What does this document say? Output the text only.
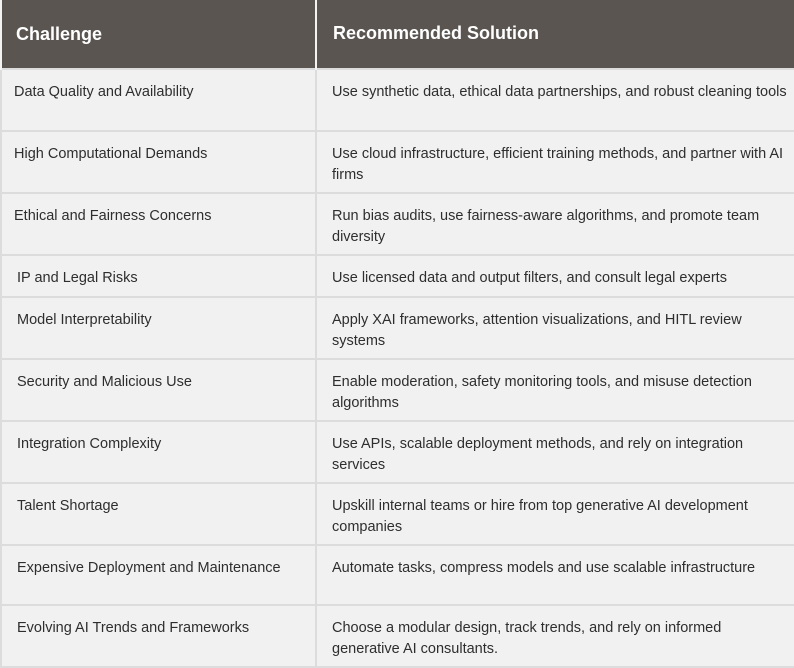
Challenge	Recommended Solution
Data Quality and Availability	Use synthetic data, ethical data partnerships, and robust cleaning tools
High Computational Demands	Use cloud infrastructure, efficient training methods, and partner with AI firms
Ethical and Fairness Concerns	Run bias audits, use fairness-aware algorithms, and promote team diversity
IP and Legal Risks	Use licensed data and output filters, and consult legal experts
Model Interpretability	Apply XAI frameworks, attention visualizations, and HITL review systems
Security and Malicious Use	Enable moderation, safety monitoring tools, and misuse detection algorithms
Integration Complexity	Use APIs, scalable deployment methods, and rely on integration services
Talent Shortage	Upskill internal teams or hire from top generative AI development companies
Expensive Deployment and Maintenance	Automate tasks, compress models and use scalable infrastructure
Evolving AI Trends and Frameworks	Choose a modular design, track trends, and rely on informed generative AI consultants.
